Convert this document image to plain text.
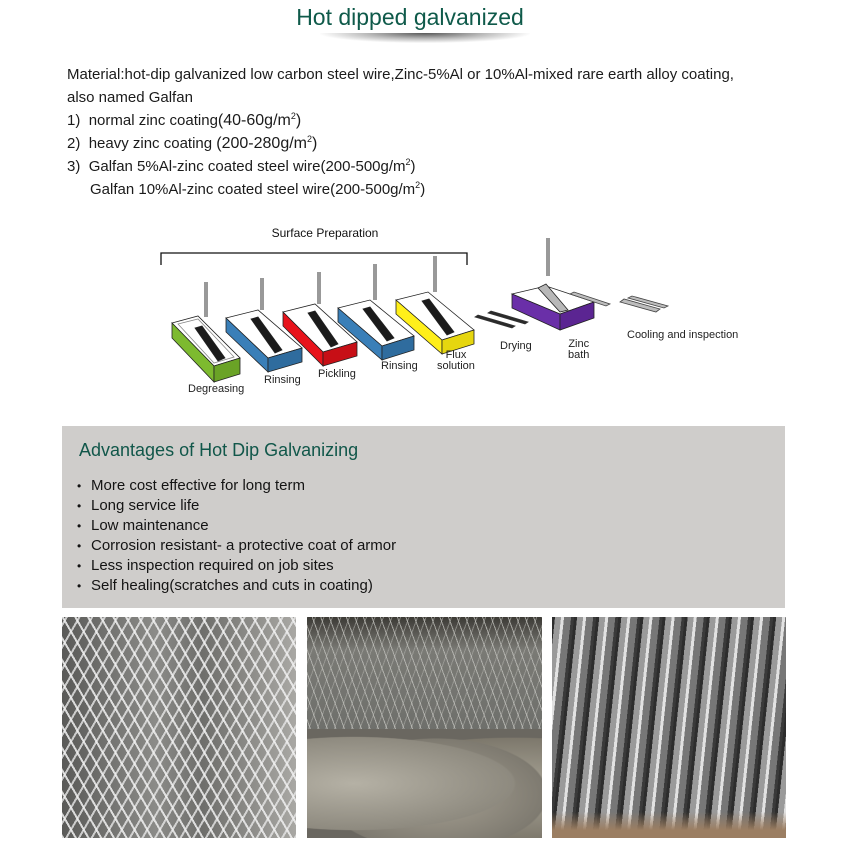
Hot dipped galvanized
Material:hot-dip galvanized low carbon steel wire,Zinc-5%Al or 10%Al-mixed rare earth alloy coating,
also named Galfan
1) normal zinc $coating(40-60g/m^2)$
2) heavy zinc coating $(200-280g/m^2)$
3) Galfan 5%Al-zinc coated steel $wire(200-500g/m^2)$
Galfan 10%Al-zinc coated steel $wire(200-500g/m^2)$
Surface Preparation
Degreasing
Rinsing Pickling
Rinsing
Flux
solution
Drying	Zinc
bath
Cooling and inspection
Advantages of Hot Dip Galvanizing
• More cost effective for long term
• Long service life
• Low maintenance
• Corrosion resistant- a protective coat of armor
• Less inspection required on job sites
• Self healing(scratches and cuts in coating)
